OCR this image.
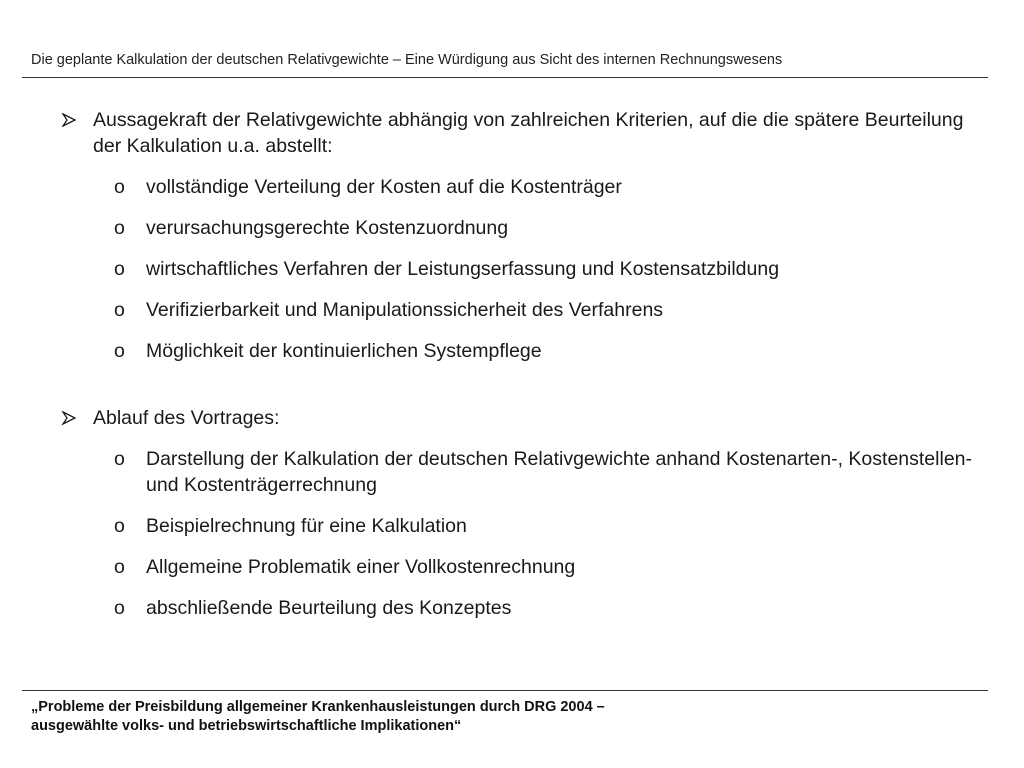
Die geplante Kalkulation der deutschen Relativgewichte – Eine Würdigung aus Sicht des internen Rechnungswesens
Aussagekraft der Relativgewichte abhängig von zahlreichen Kriterien, auf die die spätere Beurteilung der Kalkulation u.a. abstellt:
o vollständige Verteilung der Kosten auf die Kostenträger
o verursachungsgerechte Kostenzuordnung
o wirtschaftliches Verfahren der Leistungserfassung und Kostensatzbildung
o Verifizierbarkeit und Manipulationssicherheit des Verfahrens
o Möglichkeit der kontinuierlichen Systempflege
Ablauf des Vortrages:
o Darstellung der Kalkulation der deutschen Relativgewichte anhand Kostenarten-, Kostenstellen- und Kostenträgerrechnung
o Beispielrechnung für eine Kalkulation
o Allgemeine Problematik einer Vollkostenrechnung
o abschließende Beurteilung des Konzeptes
„Probleme der Preisbildung allgemeiner Krankenhausleistungen durch DRG 2004 –
ausgewählte volks- und betriebswirtschaftliche Implikationen“
